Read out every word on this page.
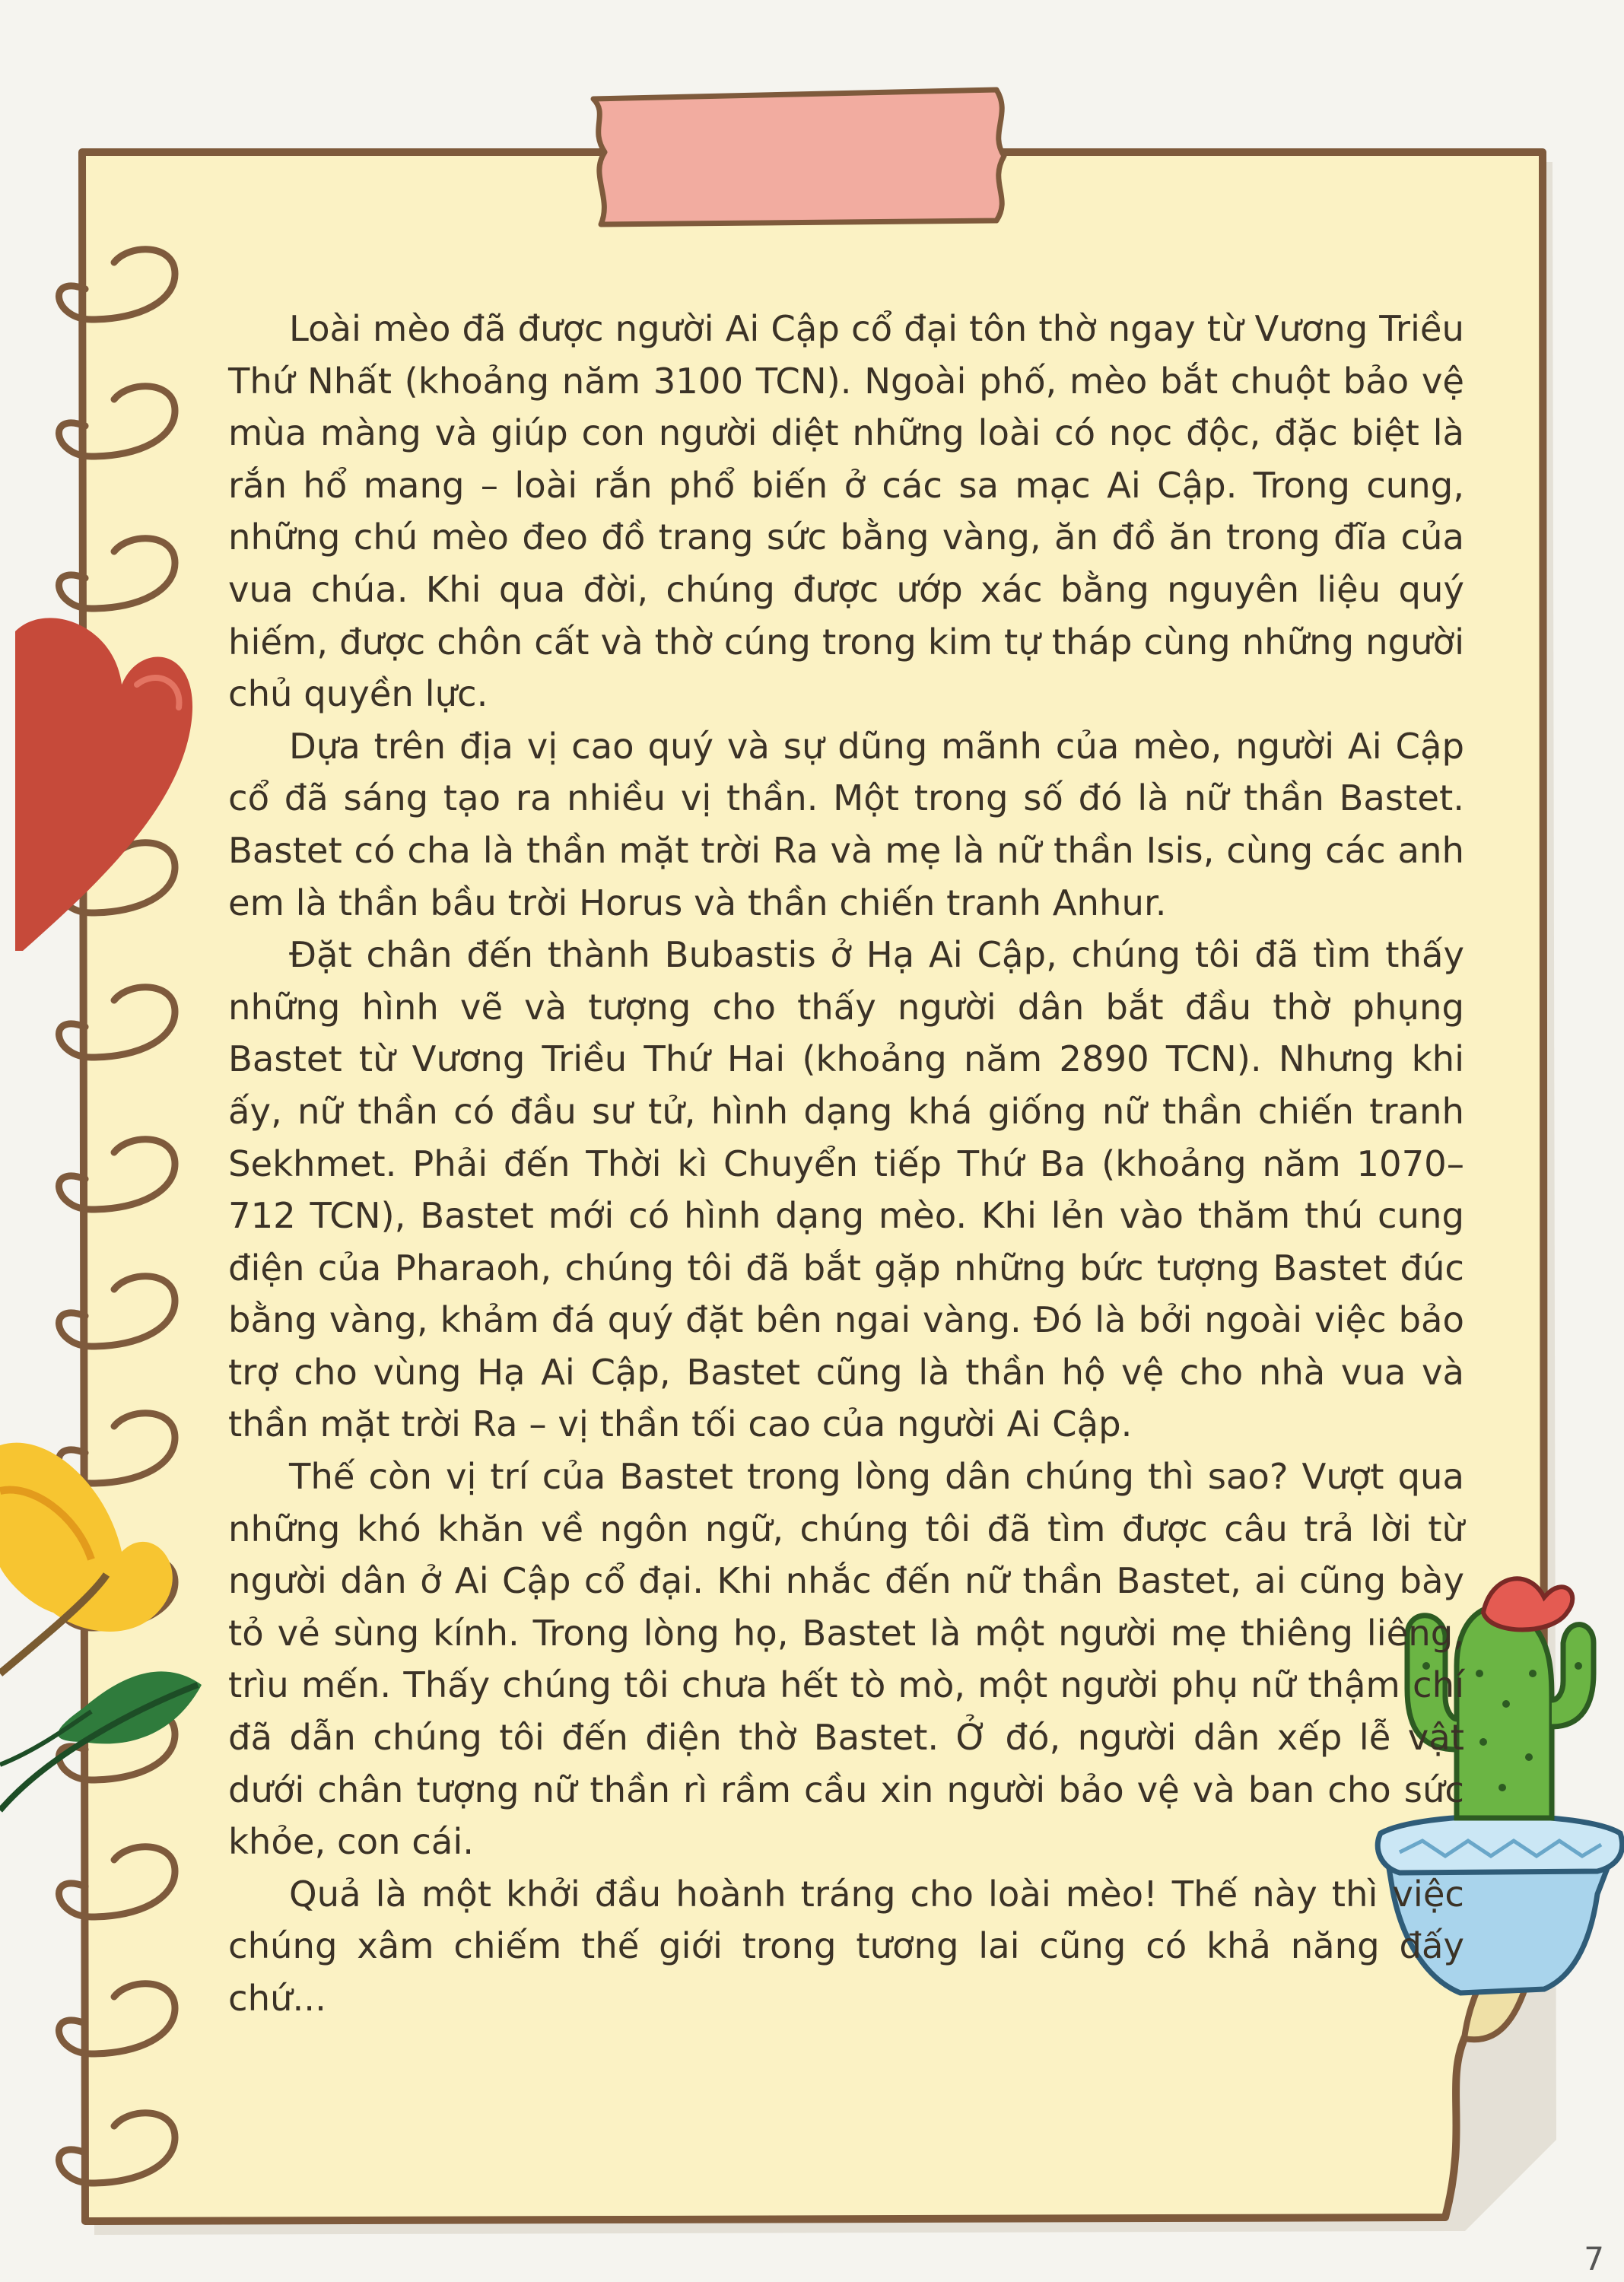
Loài mèo đã được người Ai Cập cổ đại tôn thờ ngay từ Vương Triều Thứ Nhất (khoảng năm 3100 TCN). Ngoài phố, mèo bắt chuột bảo vệ mùa màng và giúp con người diệt những loài có nọc độc, đặc biệt là rắn hổ mang – loài rắn phổ biến ở các sa mạc Ai Cập. Trong cung, những chú mèo đeo đồ trang sức bằng vàng, ăn đồ ăn trong đĩa của vua chúa. Khi qua đời, chúng được ướp xác bằng nguyên liệu quý hiếm, được chôn cất và thờ cúng trong kim tự tháp cùng những người chủ quyền lực.

Dựa trên địa vị cao quý và sự dũng mãnh của mèo, người Ai Cập cổ đã sáng tạo ra nhiều vị thần. Một trong số đó là nữ thần Bastet. Bastet có cha là thần mặt trời Ra và mẹ là nữ thần Isis, cùng các anh em là thần bầu trời Horus và thần chiến tranh Anhur.

Đặt chân đến thành Bubastis ở Hạ Ai Cập, chúng tôi đã tìm thấy những hình vẽ và tượng cho thấy người dân bắt đầu thờ phụng Bastet từ Vương Triều Thứ Hai (khoảng năm 2890 TCN). Nhưng khi ấy, nữ thần có đầu sư tử, hình dạng khá giống nữ thần chiến tranh Sekhmet. Phải đến Thời kì Chuyển tiếp Thứ Ba (khoảng năm 1070–712 TCN), Bastet mới có hình dạng mèo. Khi lẻn vào thăm thú cung điện của Pharaoh, chúng tôi đã bắt gặp những bức tượng Bastet đúc bằng vàng, khảm đá quý đặt bên ngai vàng. Đó là bởi ngoài việc bảo trợ cho vùng Hạ Ai Cập, Bastet cũng là thần hộ vệ cho nhà vua và thần mặt trời Ra – vị thần tối cao của người Ai Cập.

Thế còn vị trí của Bastet trong lòng dân chúng thì sao? Vượt qua những khó khăn về ngôn ngữ, chúng tôi đã tìm được câu trả lời từ người dân ở Ai Cập cổ đại. Khi nhắc đến nữ thần Bastet, ai cũng bày tỏ vẻ sùng kính. Trong lòng họ, Bastet là một người mẹ thiêng liêng, trìu mến. Thấy chúng tôi chưa hết tò mò, một người phụ nữ thậm chí đã dẫn chúng tôi đến điện thờ Bastet. Ở đó, người dân xếp lễ vật dưới chân tượng nữ thần rì rầm cầu xin người bảo vệ và ban cho sức khỏe, con cái.

Quả là một khởi đầu hoành tráng cho loài mèo! Thế này thì việc chúng xâm chiếm thế giới trong tương lai cũng có khả năng đấy chứ...

7
